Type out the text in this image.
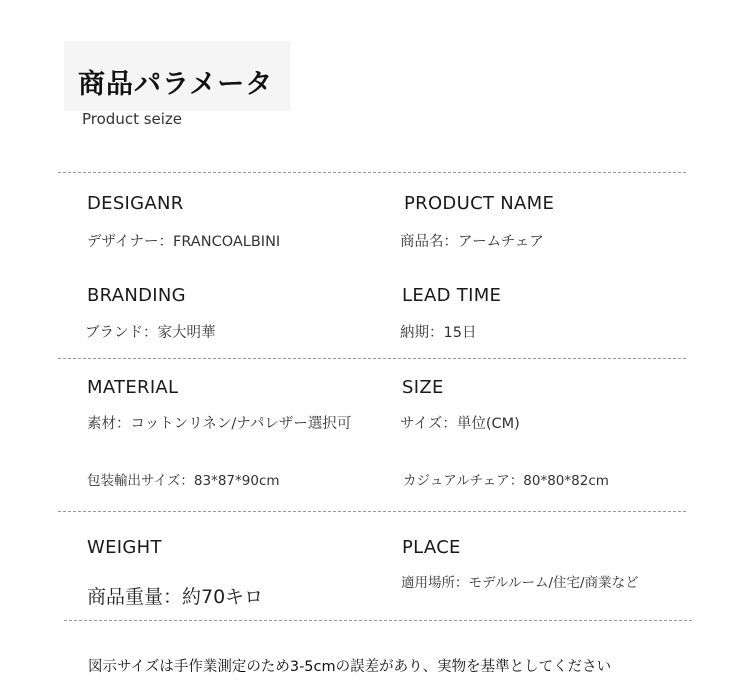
商品パラメータ
Product seize
DESIGANR
デザイナー：FRANCOALBINI
PRODUCT NAME
商品名：アームチェア
BRANDING
ブランド：家大明華
LEAD TIME
納期：15日
MATERIAL
素材：コットンリネン/ナパレザー選択可
包装輸出サイズ：83*87*90cm
SIZE
サイズ：単位(CM)
カジュアルチェア：80*80*82cm
WEIGHT
商品重量：約70キロ
PLACE
適用場所：モデルルーム/住宅/商業など
図示サイズは手作業測定のため3-5cmの誤差があり、実物を基準としてください
